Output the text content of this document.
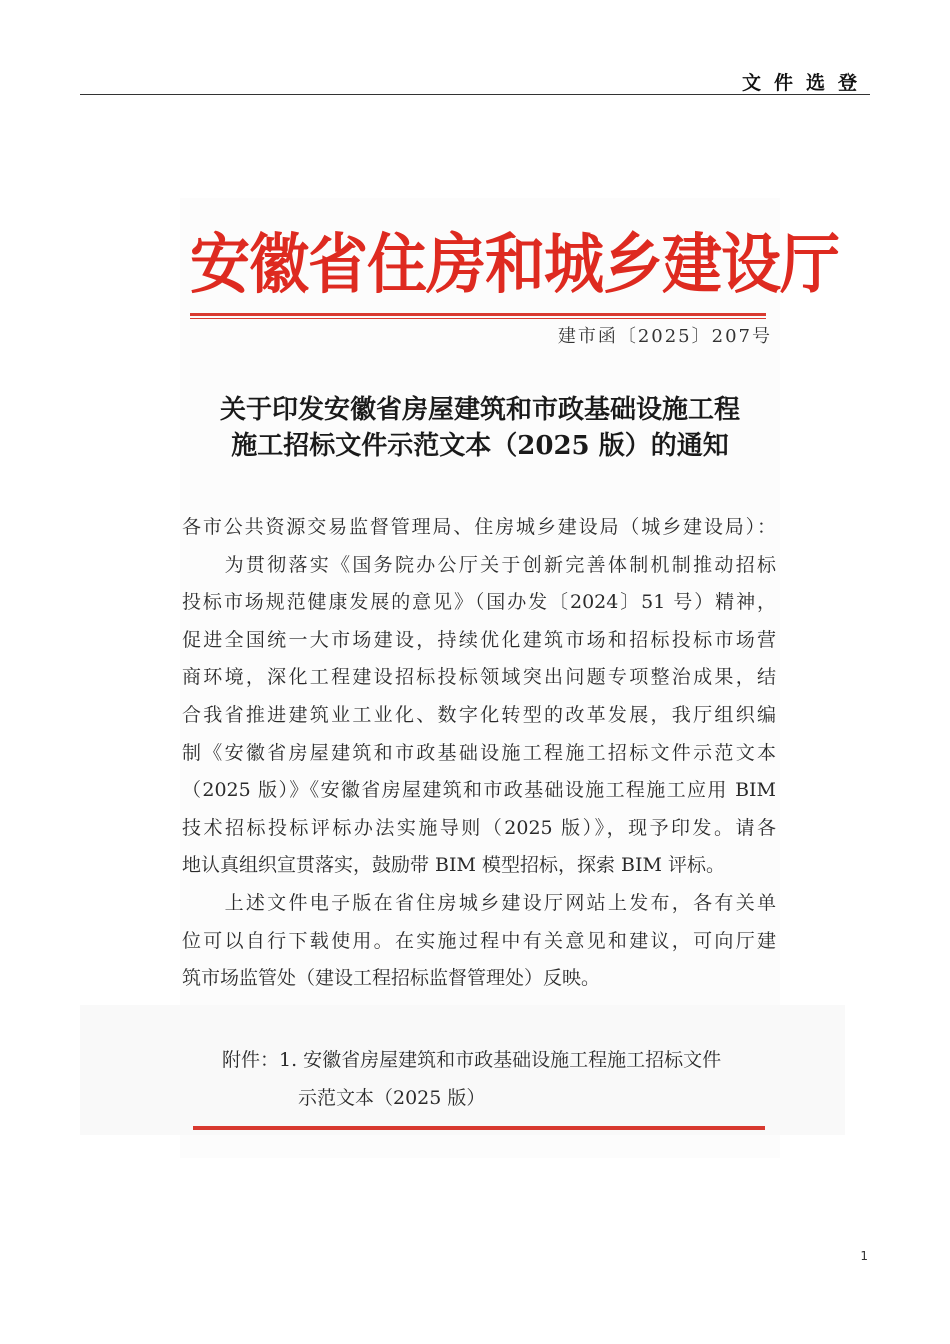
文件选登
安徽省住房和城乡建设厅
建市函〔2025〕207号
关于印发安徽省房屋建筑和市政基础设施工程
施工招标文件示范文本（2025 版）的通知
各市公共资源交易监督管理局、住房城乡建设局（城乡建设局）：
　　为贯彻落实《国务院办公厅关于创新完善体制机制推动招标
投标市场规范健康发展的意见》（国办发〔2024〕51 号）精神，
促进全国统一大市场建设，持续优化建筑市场和招标投标市场营
商环境，深化工程建设招标投标领域突出问题专项整治成果，结
合我省推进建筑业工业化、数字化转型的改革发展，我厅组织编
制《安徽省房屋建筑和市政基础设施工程施工招标文件示范文本
（2025 版）》《安徽省房屋建筑和市政基础设施工程施工应用 BIM
技术招标投标评标办法实施导则（2025 版）》，现予印发。请各
地认真组织宣贯落实，鼓励带 BIM 模型招标，探索 BIM 评标。
　　上述文件电子版在省住房城乡建设厅网站上发布，各有关单
位可以自行下载使用。在实施过程中有关意见和建议，可向厅建
筑市场监管处（建设工程招标监督管理处）反映。
附件：1. 安徽省房屋建筑和市政基础设施工程施工招标文件
示范文本（2025 版）
1
